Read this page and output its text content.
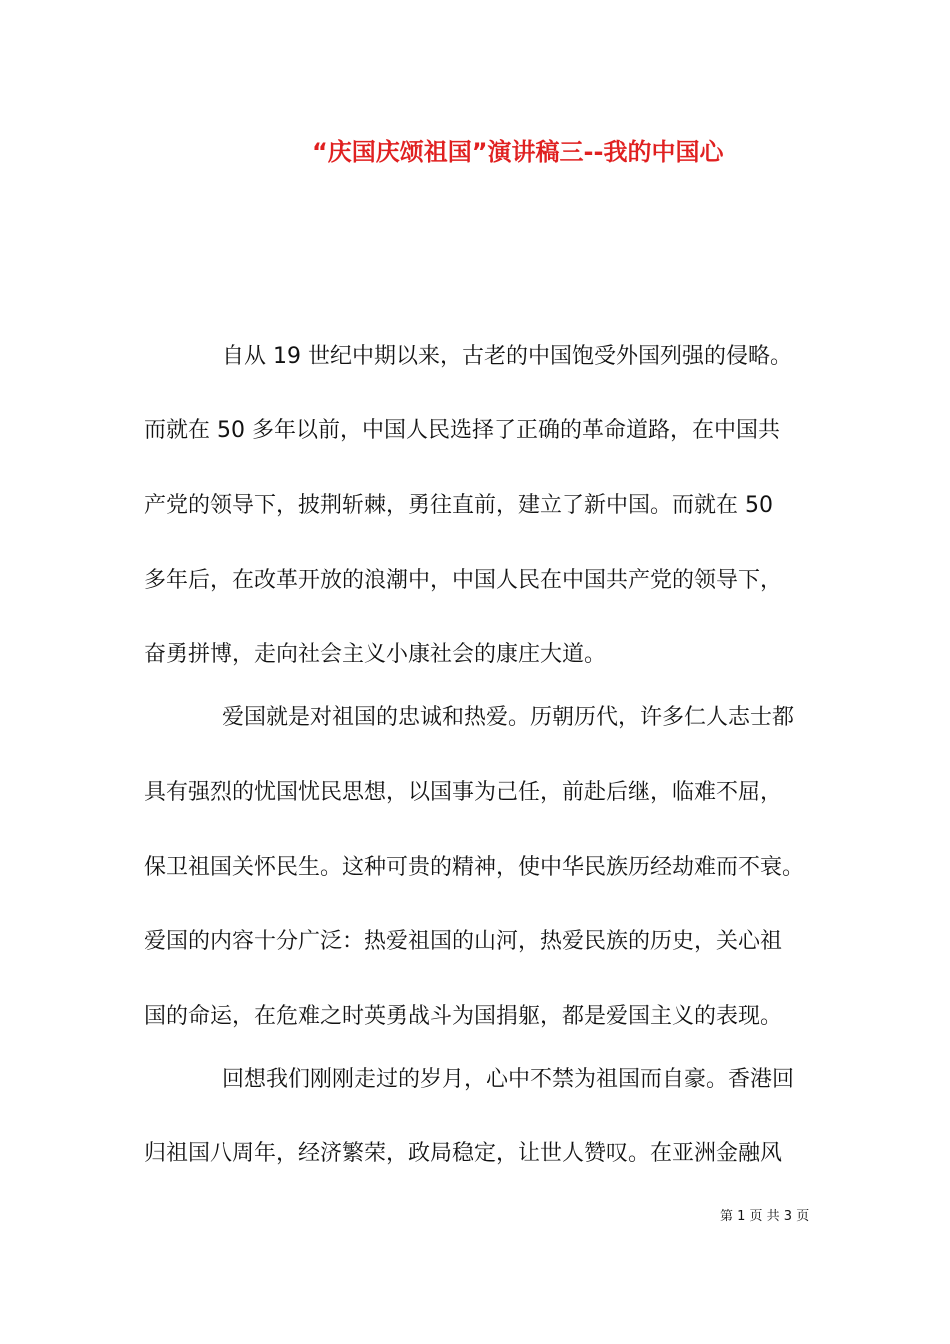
“庆国庆颂祖国”演讲稿三--我的中国心

自从 19 世纪中期以来，古老的中国饱受外国列强的侵略。

而就在 50 多年以前，中国人民选择了正确的革命道路，在中国共

产党的领导下，披荆斩棘，勇往直前，建立了新中国。而就在 50

多年后，在改革开放的浪潮中，中国人民在中国共产党的领导下，

奋勇拼博，走向社会主义小康社会的康庄大道。

爱国就是对祖国的忠诚和热爱。历朝历代，许多仁人志士都

具有强烈的忧国忧民思想，以国事为己任，前赴后继，临难不屈，

保卫祖国关怀民生。这种可贵的精神，使中华民族历经劫难而不衰。

爱国的内容十分广泛：热爱祖国的山河，热爱民族的历史，关心祖

国的命运，在危难之时英勇战斗为国捐躯，都是爱国主义的表现。

回想我们刚刚走过的岁月，心中不禁为祖国而自豪。香港回

归祖国八周年，经济繁荣，政局稳定，让世人赞叹。在亚洲金融风

第 1 页 共 3 页
